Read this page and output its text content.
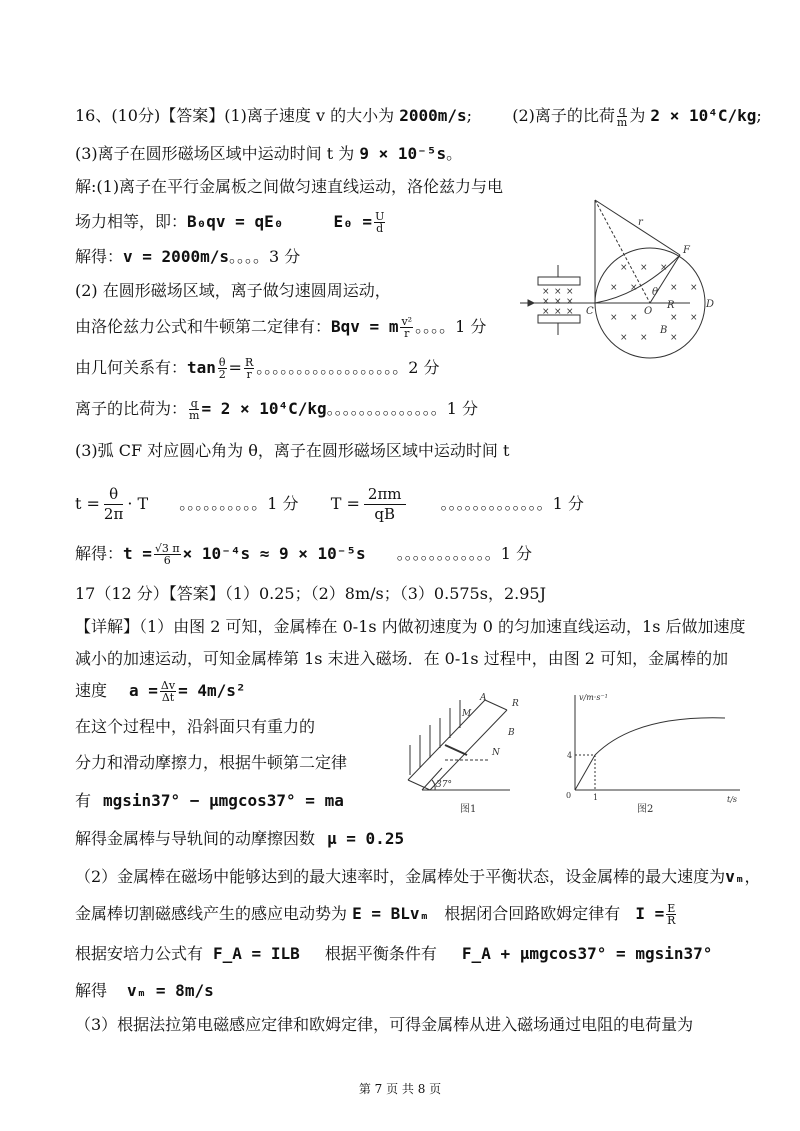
16、(10分)【答案】(1)离子速度 v 的大小为 2000m/s;	(2)离子的比荷 $\frac{q}{m}$ 为 2 × 10⁴C/kg;
(3)离子在圆形磁场区域中运动时间 t 为 9 × 10⁻⁵s。
解:(1)离子在平行金属板之间做匀速直线运动，洛伦兹力与电
场力相等，即：B₀qv = qE₀	$E_0 = \frac{U}{d}$
解得：v = 2000m/s。。。。3 分
(2) 在圆形磁场区域，离子做匀速圆周运动，
由洛伦兹力公式和牛顿第二定律有：Bqv = m $\frac{\text{v²}}{r}$ 。。。。1 分
由几何关系有：$\tan \frac{\theta}{2} = \frac{R}{r}$ 。。。。。。。。。。。。。。。。。。2 分
离子的比荷为： $\frac{q}{m} = 2 \times 10^4C/kg$。。。。。。。。。。。。。。1 分
(3)弧 CF 对应圆心角为 θ，离子在圆形磁场区域中运动时间 t
$t = \frac{\theta}{2\pi} \cdot T$ 。。。。。。。。。。1 分 $T = \frac{2\pi m}{qB}$ 。。。。。。。。。。。。。1 分
解得：$t = \frac{√3 \pi}{6} \times 10^{-4}s \approx 9 \times 10^{-5}s$ 。。。。。。。。。。。。1 分
17（12 分）【答案】（1）0.25；（2）8m/s；（3）0.575s，2.95J
【详解】（1）由图 2 可知，金属棒在 0-1s 内做初速度为 0 的匀加速直线运动，1s 后做加速度
减小的加速运动，可知金属棒第 1s 末进入磁场．在 0-1s 过程中，由图 2 可知，金属棒的加
速度 $a = \frac{\Delta v}{\Delta t} = 4m/s^2$
在这个过程中，沿斜面只有重力的
分力和滑动摩擦力，根据牛顿第二定律
有 mgsin37° − μmgcos37° = ma
解得金属棒与导轨间的动摩擦因数 μ = 0.25
（2）金属棒在磁场中能够达到的最大速率时，金属棒处于平衡状态，设金属棒的最大速度为vₘ，
金属棒切割磁感线产生的感应电动势为 E = BLvₘ 根据闭合回路欧姆定律有 $I = \frac{E}{R}$
根据安培力公式有 F_A = ILB 根据平衡条件有 F_A + μmgcos37° = mgsin37°
解得 vₘ = 8m/s
（3）根据法拉第电磁感应定律和欧姆定律，可得金属棒从进入磁场通过电阻的电荷量为
第 7 页 共 8 页
× × ×
× × ×
× × ×
× × ×
× ×	× ×
× ×	× ×
× × ×
r
F
θ
O
R	D
C
B
A
R
M
B
N
37°
图1
v/m·s⁻¹
t/s
4
1
0
图2
